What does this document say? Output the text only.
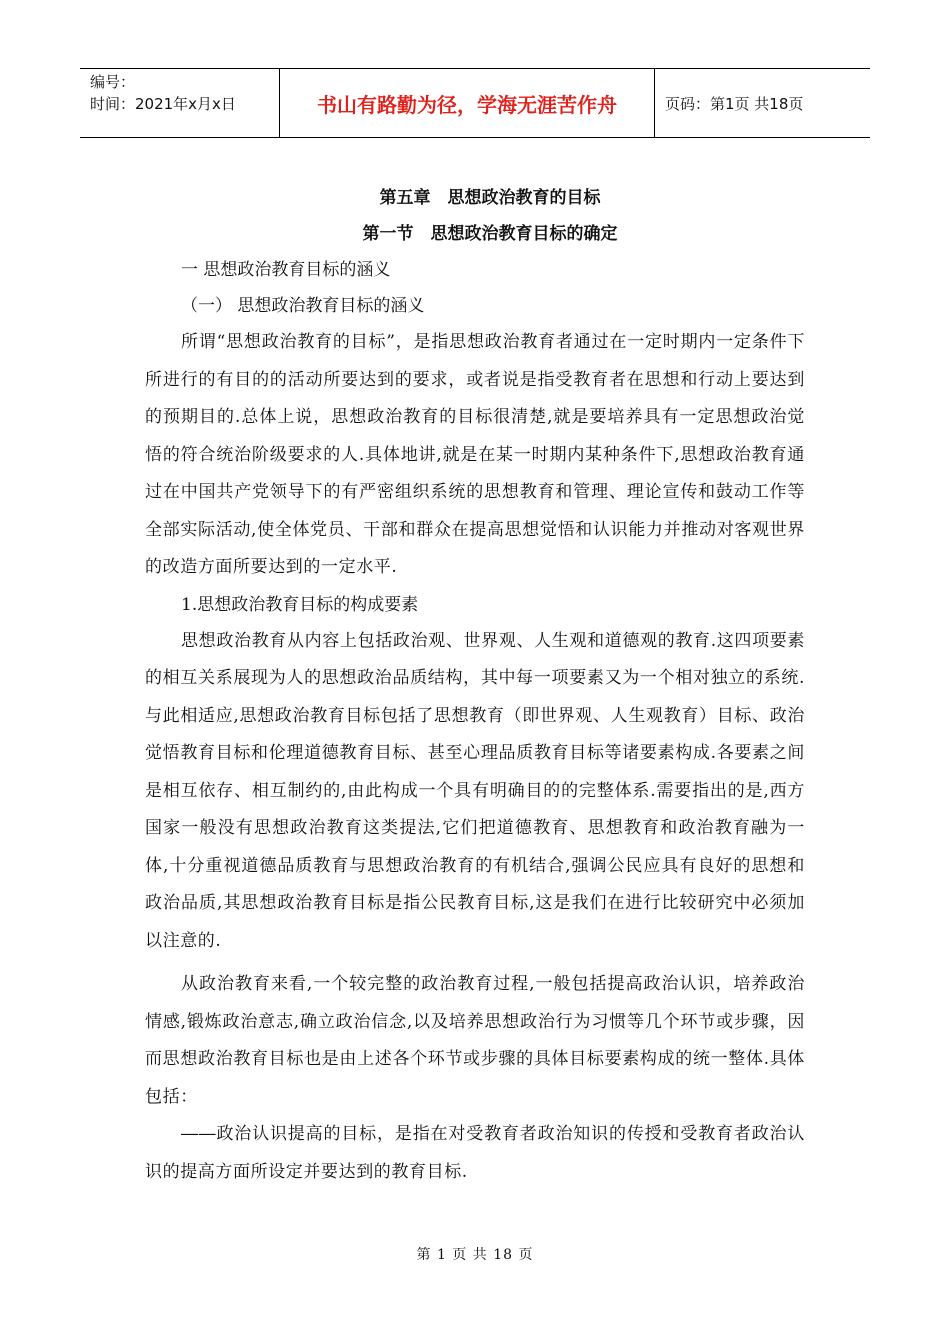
编号：
时间：2021年x月x日	书山有路勤为径，学海无涯苦作舟	页码：第1页 共18页
第五章　思想政治教育的目标
第一节　思想政治教育目标的确定

一 思想政治教育目标的涵义

（一） 思想政治教育目标的涵义

所谓“思想政治教育的目标”，是指思想政治教育者通过在一定时期内一定条件下所进行的有目的的活动所要达到的要求，或者说是指受教育者在思想和行动上要达到的预期目的.总体上说，思想政治教育的目标很清楚,就是要培养具有一定思想政治觉悟的符合统治阶级要求的人.具体地讲,就是在某一时期内某种条件下,思想政治教育通过在中国共产党领导下的有严密组织系统的思想教育和管理、理论宣传和鼓动工作等全部实际活动,使全体党员、干部和群众在提高思想觉悟和认识能力并推动对客观世界的改造方面所要达到的一定水平.

1.思想政治教育目标的构成要素

思想政治教育从内容上包括政治观、世界观、人生观和道德观的教育.这四项要素的相互关系展现为人的思想政治品质结构，其中每一项要素又为一个相对独立的系统.与此相适应,思想政治教育目标包括了思想教育（即世界观、人生观教育）目标、政治觉悟教育目标和伦理道德教育目标、甚至心理品质教育目标等诸要素构成.各要素之间是相互依存、相互制约的,由此构成一个具有明确目的的完整体系.需要指出的是,西方国家一般没有思想政治教育这类提法,它们把道德教育、思想教育和政治教育融为一体,十分重视道德品质教育与思想政治教育的有机结合,强调公民应具有良好的思想和政治品质,其思想政治教育目标是指公民教育目标,这是我们在进行比较研究中必须加以注意的.

从政治教育来看,一个较完整的政治教育过程,一般包括提高政治认识，培养政治情感,锻炼政治意志,确立政治信念,以及培养思想政治行为习惯等几个环节或步骤，因而思想政治教育目标也是由上述各个环节或步骤的具体目标要素构成的统一整体.具体包括：

――政治认识提高的目标，是指在对受教育者政治知识的传授和受教育者政治认识的提高方面所设定并要达到的教育目标.

第 1 页 共 18 页
